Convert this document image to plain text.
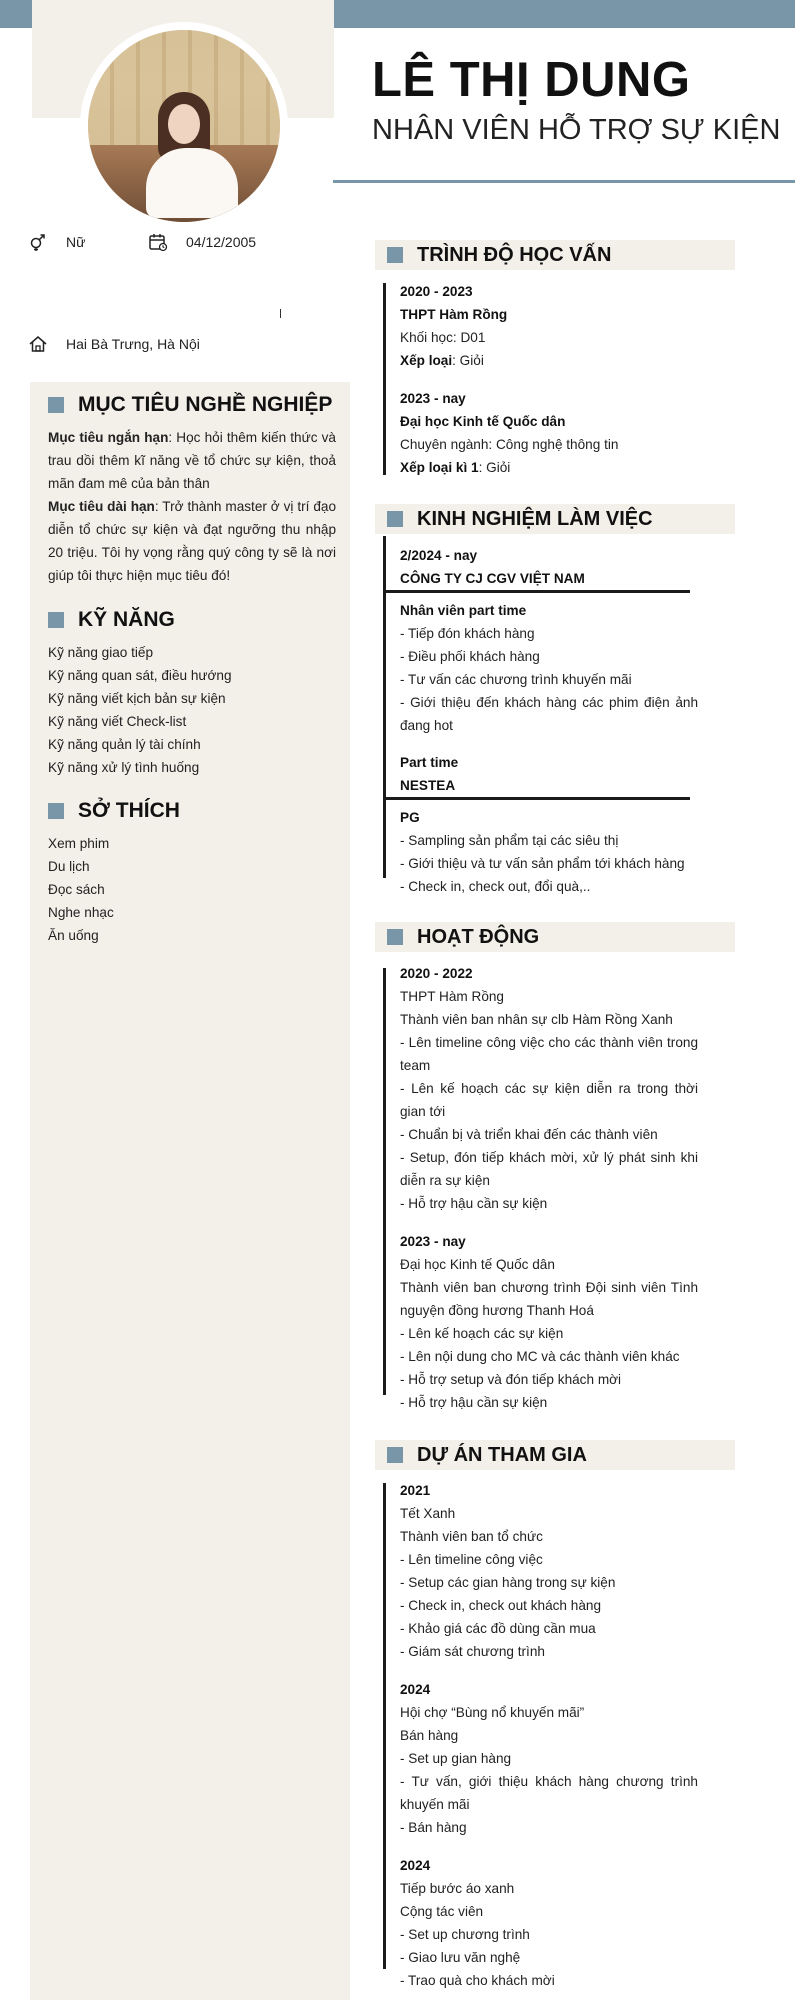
LÊ THỊ DUNG
NHÂN VIÊN HỖ TRỢ SỰ KIỆN
Nữ	04/12/2005
Hai Bà Trưng, Hà Nội
MỤC TIÊU NGHỀ NGHIỆP
Mục tiêu ngắn hạn: Học hỏi thêm kiến thức và trau dồi thêm kĩ năng về tổ chức sự kiện, thoả mãn đam mê của bản thân
Mục tiêu dài hạn: Trở thành master ở vị trí đạo diễn tổ chức sự kiện và đạt ngưỡng thu nhập 20 triệu. Tôi hy vọng rằng quý công ty sẽ là nơi giúp tôi thực hiện mục tiêu đó!
KỸ NĂNG
Kỹ năng giao tiếp
Kỹ năng quan sát, điều hướng
Kỹ năng viết kịch bản sự kiện
Kỹ năng viết Check-list
Kỹ năng quản lý tài chính
Kỹ năng xử lý tình huống
SỞ THÍCH
Xem phim
Du lịch
Đọc sách
Nghe nhạc
Ăn uống
TRÌNH ĐỘ HỌC VẤN
2020 - 2023
THPT Hàm Rồng
Khối học: D01
Xếp loại: Giỏi
2023 - nay
Đại học Kinh tế Quốc dân
Chuyên ngành: Công nghệ thông tin
Xếp loại kì 1: Giỏi
KINH NGHIỆM LÀM VIỆC
2/2024 - nay
CÔNG TY CJ CGV VIỆT NAM
Nhân viên part time
- Tiếp đón khách hàng
- Điều phối khách hàng
- Tư vấn các chương trình khuyến mãi
- Giới thiệu đến khách hàng các phim điện ảnh đang hot
Part time
NESTEA
PG
- Sampling sản phẩm tại các siêu thị
- Giới thiệu và tư vấn sản phẩm tới khách hàng
- Check in, check out, đổi quà,..
HOẠT ĐỘNG
2020 - 2022
THPT Hàm Rồng
Thành viên ban nhân sự clb Hàm Rồng Xanh
- Lên timeline công việc cho các thành viên trong team
- Lên kế hoạch các sự kiện diễn ra trong thời gian tới
- Chuẩn bị và triển khai đến các thành viên
- Setup, đón tiếp khách mời, xử lý phát sinh khi diễn ra sự kiện
- Hỗ trợ hậu cần sự kiện
2023 - nay
Đại học Kinh tế Quốc dân
Thành viên ban chương trình Đội sinh viên Tình nguyện đồng hương Thanh Hoá
- Lên kế hoạch các sự kiện
- Lên nội dung cho MC và các thành viên khác
- Hỗ trợ setup và đón tiếp khách mời
- Hỗ trợ hậu cần sự kiện
DỰ ÁN THAM GIA
2021
Tết Xanh
Thành viên ban tổ chức
- Lên timeline công việc
- Setup các gian hàng trong sự kiện
- Check in, check out khách hàng
- Khảo giá các đồ dùng cần mua
- Giám sát chương trình
2024
Hội chợ “Bùng nổ khuyến mãi”
Bán hàng
- Set up gian hàng
- Tư vấn, giới thiệu khách hàng chương trình khuyến mãi
- Bán hàng
2024
Tiếp bước áo xanh
Cộng tác viên
- Set up chương trình
- Giao lưu văn nghệ
- Trao quà cho khách mời
